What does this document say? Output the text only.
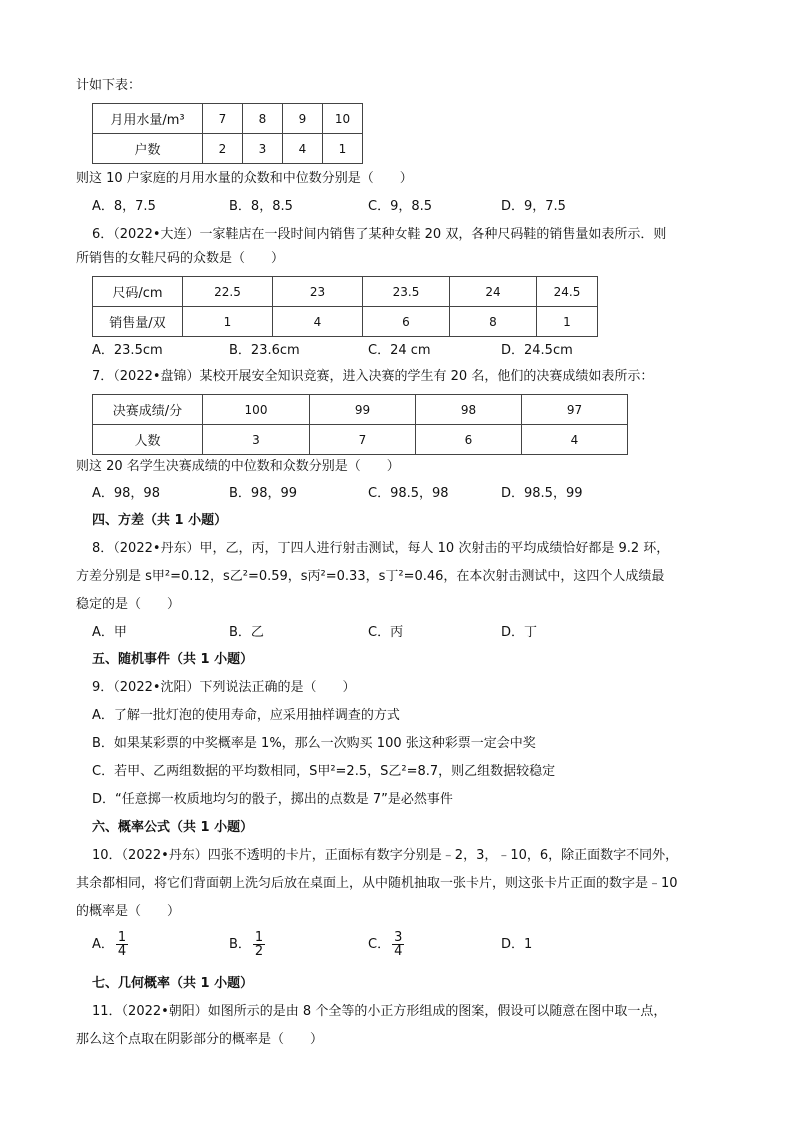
计如下表：
月用水量/m³	7	8	9	10
户数	2	3	4	1
则这 10 户家庭的月用水量的众数和中位数分别是（　　）
A．8，7.5	B．8，8.5	C．9，8.5	D．9，7.5
6．（2022•大连）一家鞋店在一段时间内销售了某种女鞋 20 双，各种尺码鞋的销售量如表所示．则
所销售的女鞋尺码的众数是（　　）
尺码/cm	22.5	23	23.5	24	24.5
销售量/双	1	4	6	8	1
A．23.5cm	B．23.6cm	C．24 cm	D．24.5cm
7．（2022•盘锦）某校开展安全知识竞赛，进入决赛的学生有 20 名，他们的决赛成绩如表所示：
决赛成绩/分	100	99	98	97
人数	3	7	6	4
则这 20 名学生决赛成绩的中位数和众数分别是（　　）
A．98，98	B．98，99	C．98.5，98	D．98.5，99
四、方差（共 1 小题）
8．（2022•丹东）甲，乙，丙，丁四人进行射击测试，每人 10 次射击的平均成绩恰好都是 9.2 环，
方差分别是 s甲²=0.12，s乙²=0.59，s丙²=0.33，s丁²=0.46，在本次射击测试中，这四个人成绩最
稳定的是（　　）
A．甲	B．乙	C．丙	D．丁
五、随机事件（共 1 小题）
9．（2022•沈阳）下列说法正确的是（　　）
A．了解一批灯泡的使用寿命，应采用抽样调查的方式
B．如果某彩票的中奖概率是 1%，那么一次购买 100 张这种彩票一定会中奖
C．若甲、乙两组数据的平均数相同，S甲²=2.5，S乙²=8.7，则乙组数据较稳定
D．“任意掷一枚质地均匀的骰子，掷出的点数是 7”是必然事件
六、概率公式（共 1 小题）
10．（2022•丹东）四张不透明的卡片，正面标有数字分别是﹣2，3，﹣10，6，除正面数字不同外，
其余都相同，将它们背面朝上洗匀后放在桌面上，从中随机抽取一张卡片，则这张卡片正面的数字是﹣10
的概率是（　　）
A． $\frac{1}{4}$	B． $\frac{1}{2}$	C． $\frac{3}{4}$	D．1
七、几何概率（共 1 小题）
11．（2022•朝阳）如图所示的是由 8 个全等的小正方形组成的图案，假设可以随意在图中取一点，
那么这个点取在阴影部分的概率是（　　）
